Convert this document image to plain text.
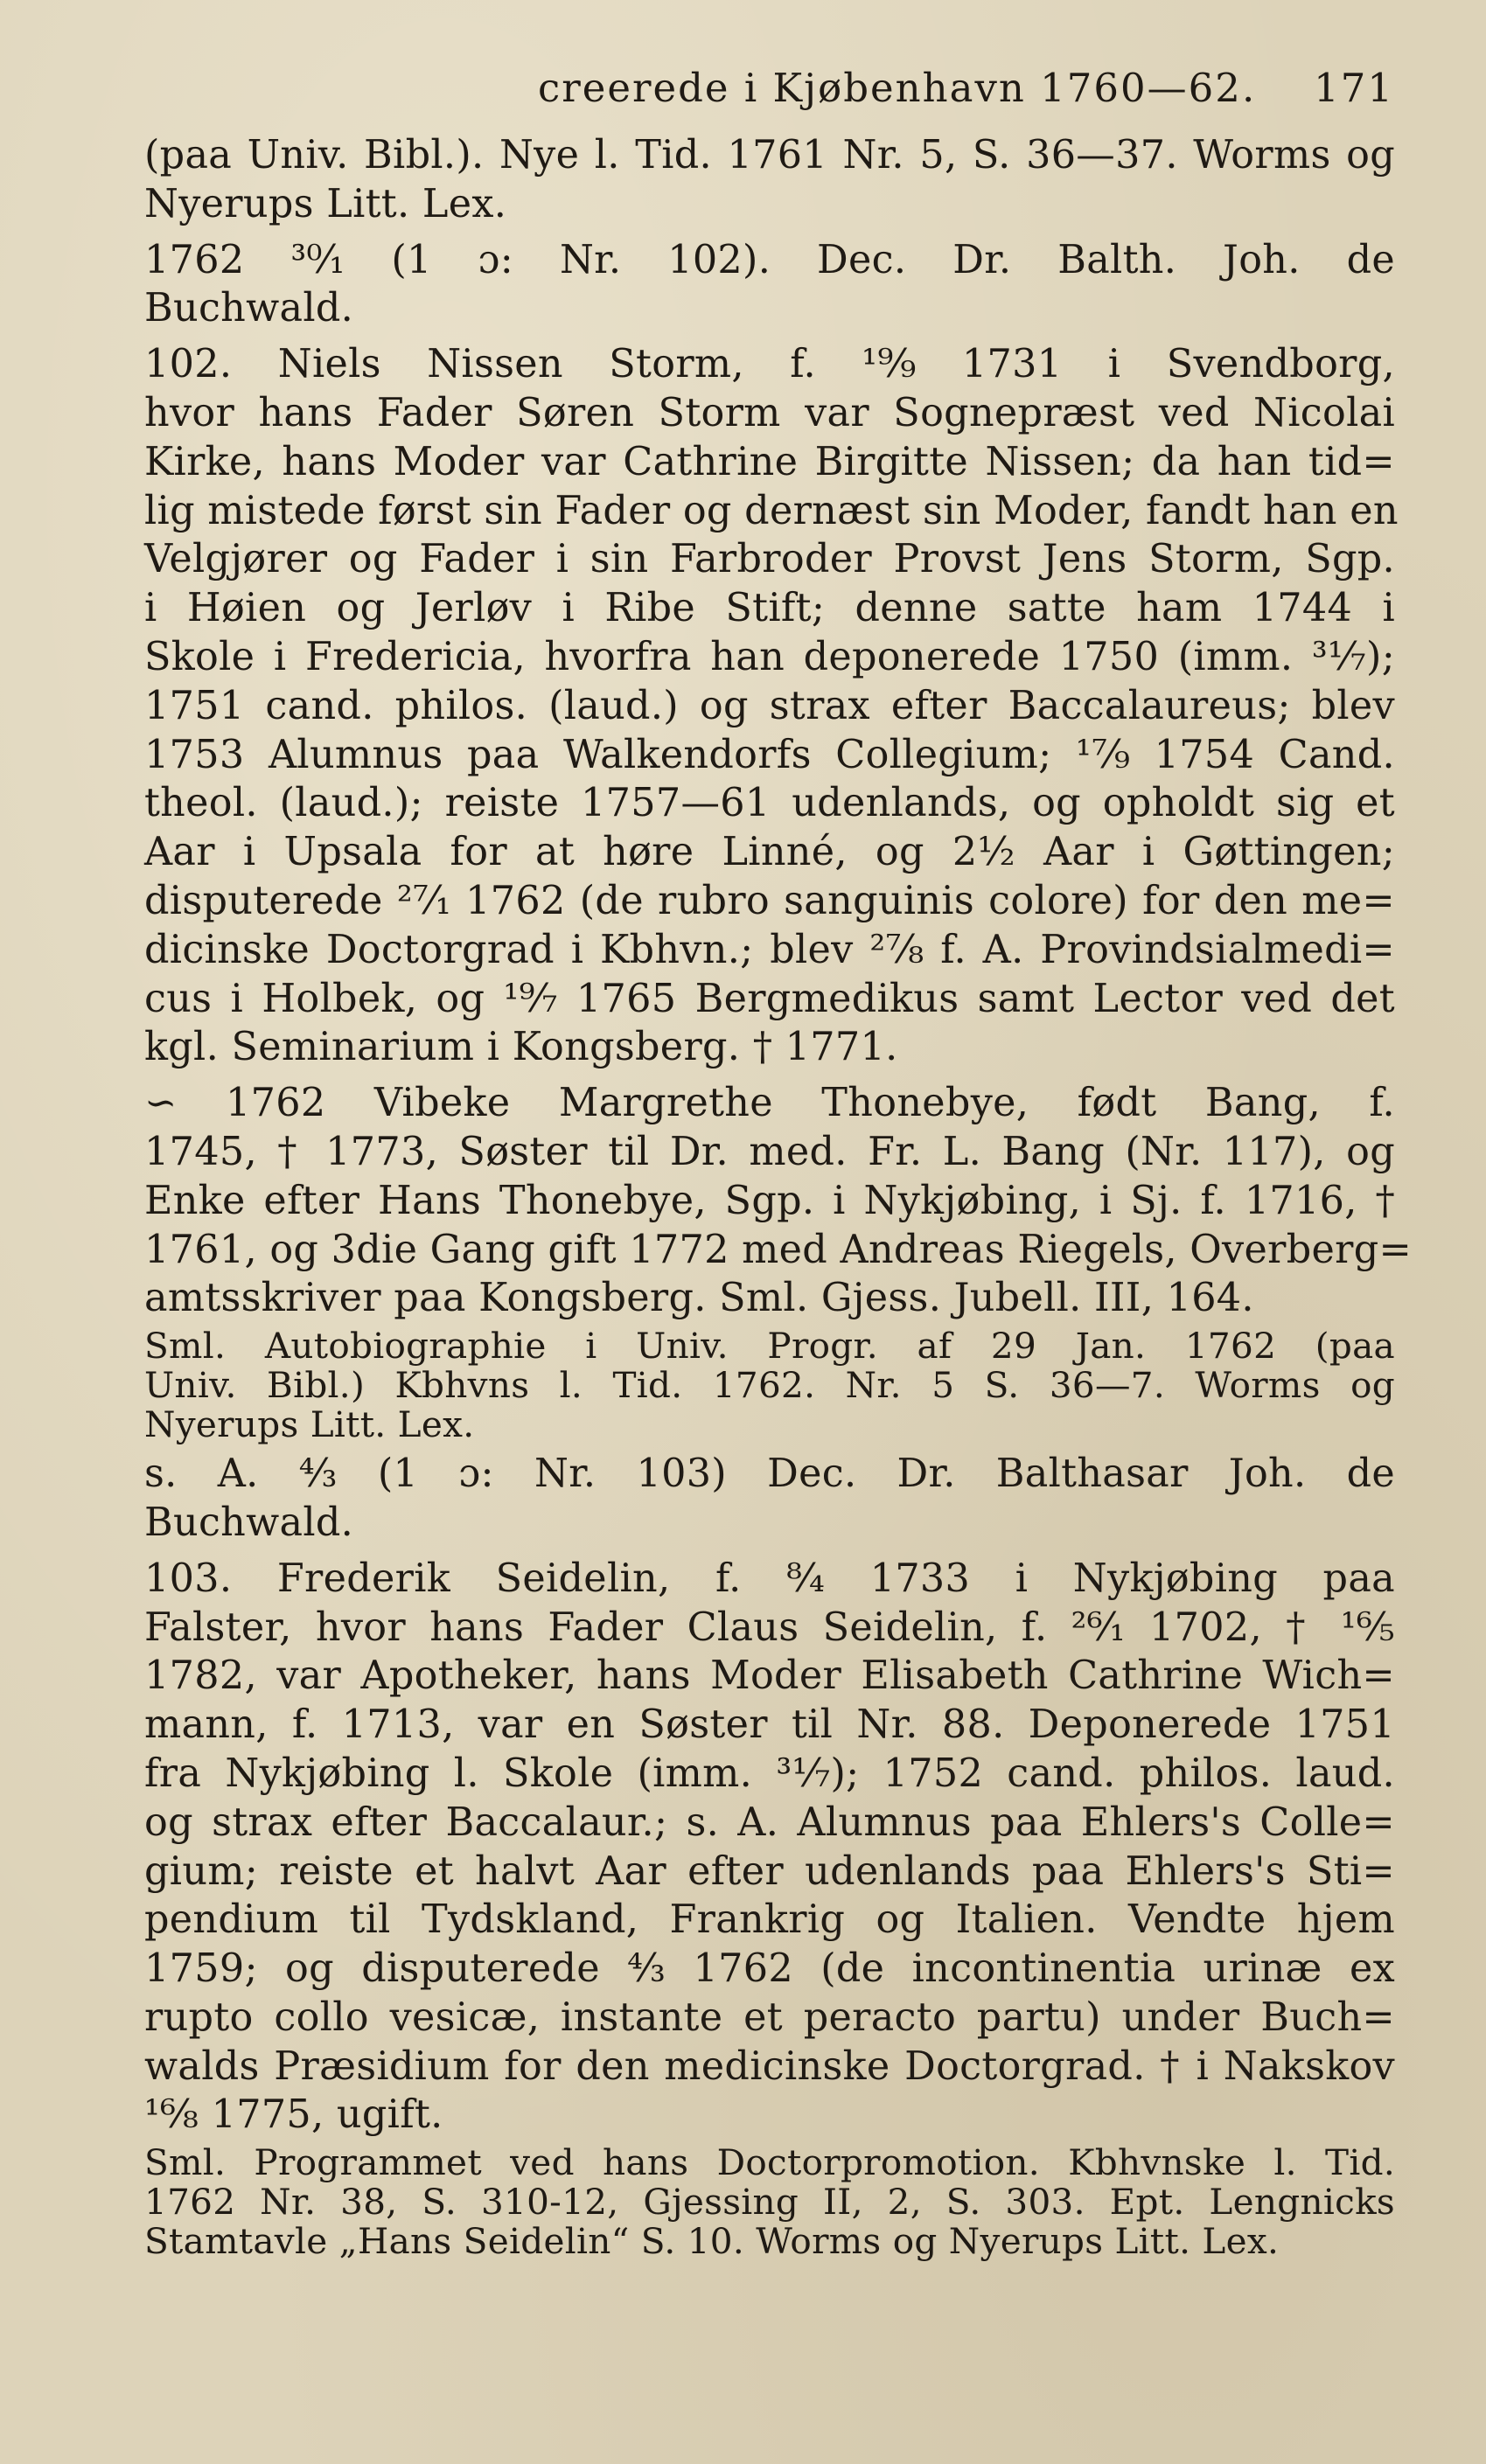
creerede i Kjøbenhavn 1760—62. 171

(paa Univ. Bibl.). Nye l. Tid. 1761 Nr. 5, S. 36—37. Worms og

Nyerups Litt. Lex.

1762 ³⁰⁄₁ (1 ɔ: Nr. 102). Dec. Dr. Balth. Joh. de

Buchwald.

102. Niels Nissen Storm, f. ¹⁹⁄₉ 1731 i Svendborg,

hvor hans Fader Søren Storm var Sognepræst ved Nicolai

Kirke, hans Moder var Cathrine Birgitte Nissen; da han tid=

lig mistede først sin Fader og dernæst sin Moder, fandt han en

Velgjører og Fader i sin Farbroder Provst Jens Storm, Sgp.

i Høien og Jerløv i Ribe Stift; denne satte ham 1744 i

Skole i Fredericia, hvorfra han deponerede 1750 (imm. ³¹⁄₇);

1751 cand. philos. (laud.) og strax efter Baccalaureus; blev

1753 Alumnus paa Walkendorfs Collegium; ¹⁷⁄₉ 1754 Cand.

theol. (laud.); reiste 1757—61 udenlands, og opholdt sig et

Aar i Upsala for at høre Linné, og 2½ Aar i Gøttingen;

disputerede ²⁷⁄₁ 1762 (de rubro sanguinis colore) for den me=

dicinske Doctorgrad i Kbhvn.; blev ²⁷⁄₈ f. A. Provindsialmedi=

cus i Holbek, og ¹⁹⁄₇ 1765 Bergmedikus samt Lector ved det

kgl. Seminarium i Kongsberg. † 1771.

∽ 1762 Vibeke Margrethe Thonebye, født Bang, f.

1745, † 1773, Søster til Dr. med. Fr. L. Bang (Nr. 117), og

Enke efter Hans Thonebye, Sgp. i Nykjøbing, i Sj. f. 1716, †

1761, og 3die Gang gift 1772 med Andreas Riegels, Overberg=

amtsskriver paa Kongsberg. Sml. Gjess. Jubell. III, 164.

Sml. Autobiographie i Univ. Progr. af 29 Jan. 1762 (paa

Univ. Bibl.) Kbhvns l. Tid. 1762. Nr. 5 S. 36—7. Worms og

Nyerups Litt. Lex.

s. A. ⁴⁄₃ (1 ɔ: Nr. 103) Dec. Dr. Balthasar Joh. de

Buchwald.

103. Frederik Seidelin, f. ⁸⁄₄ 1733 i Nykjøbing paa

Falster, hvor hans Fader Claus Seidelin, f. ²⁶⁄₁ 1702, † ¹⁶⁄₅

1782, var Apotheker, hans Moder Elisabeth Cathrine Wich=

mann, f. 1713, var en Søster til Nr. 88. Deponerede 1751

fra Nykjøbing l. Skole (imm. ³¹⁄₇); 1752 cand. philos. laud.

og strax efter Baccalaur.; s. A. Alumnus paa Ehlers's Colle=

gium; reiste et halvt Aar efter udenlands paa Ehlers's Sti=

pendium til Tydskland, Frankrig og Italien. Vendte hjem

1759; og disputerede ⁴⁄₃ 1762 (de incontinentia urinæ ex

rupto collo vesicæ, instante et peracto partu) under Buch=

walds Præsidium for den medicinske Doctorgrad. † i Nakskov

¹⁶⁄₈ 1775, ugift.

Sml. Programmet ved hans Doctorpromotion. Kbhvnske l. Tid.

1762 Nr. 38, S. 310-12, Gjessing II, 2, S. 303. Ept. Lengnicks

Stamtavle „Hans Seidelin“ S. 10. Worms og Nyerups Litt. Lex.
